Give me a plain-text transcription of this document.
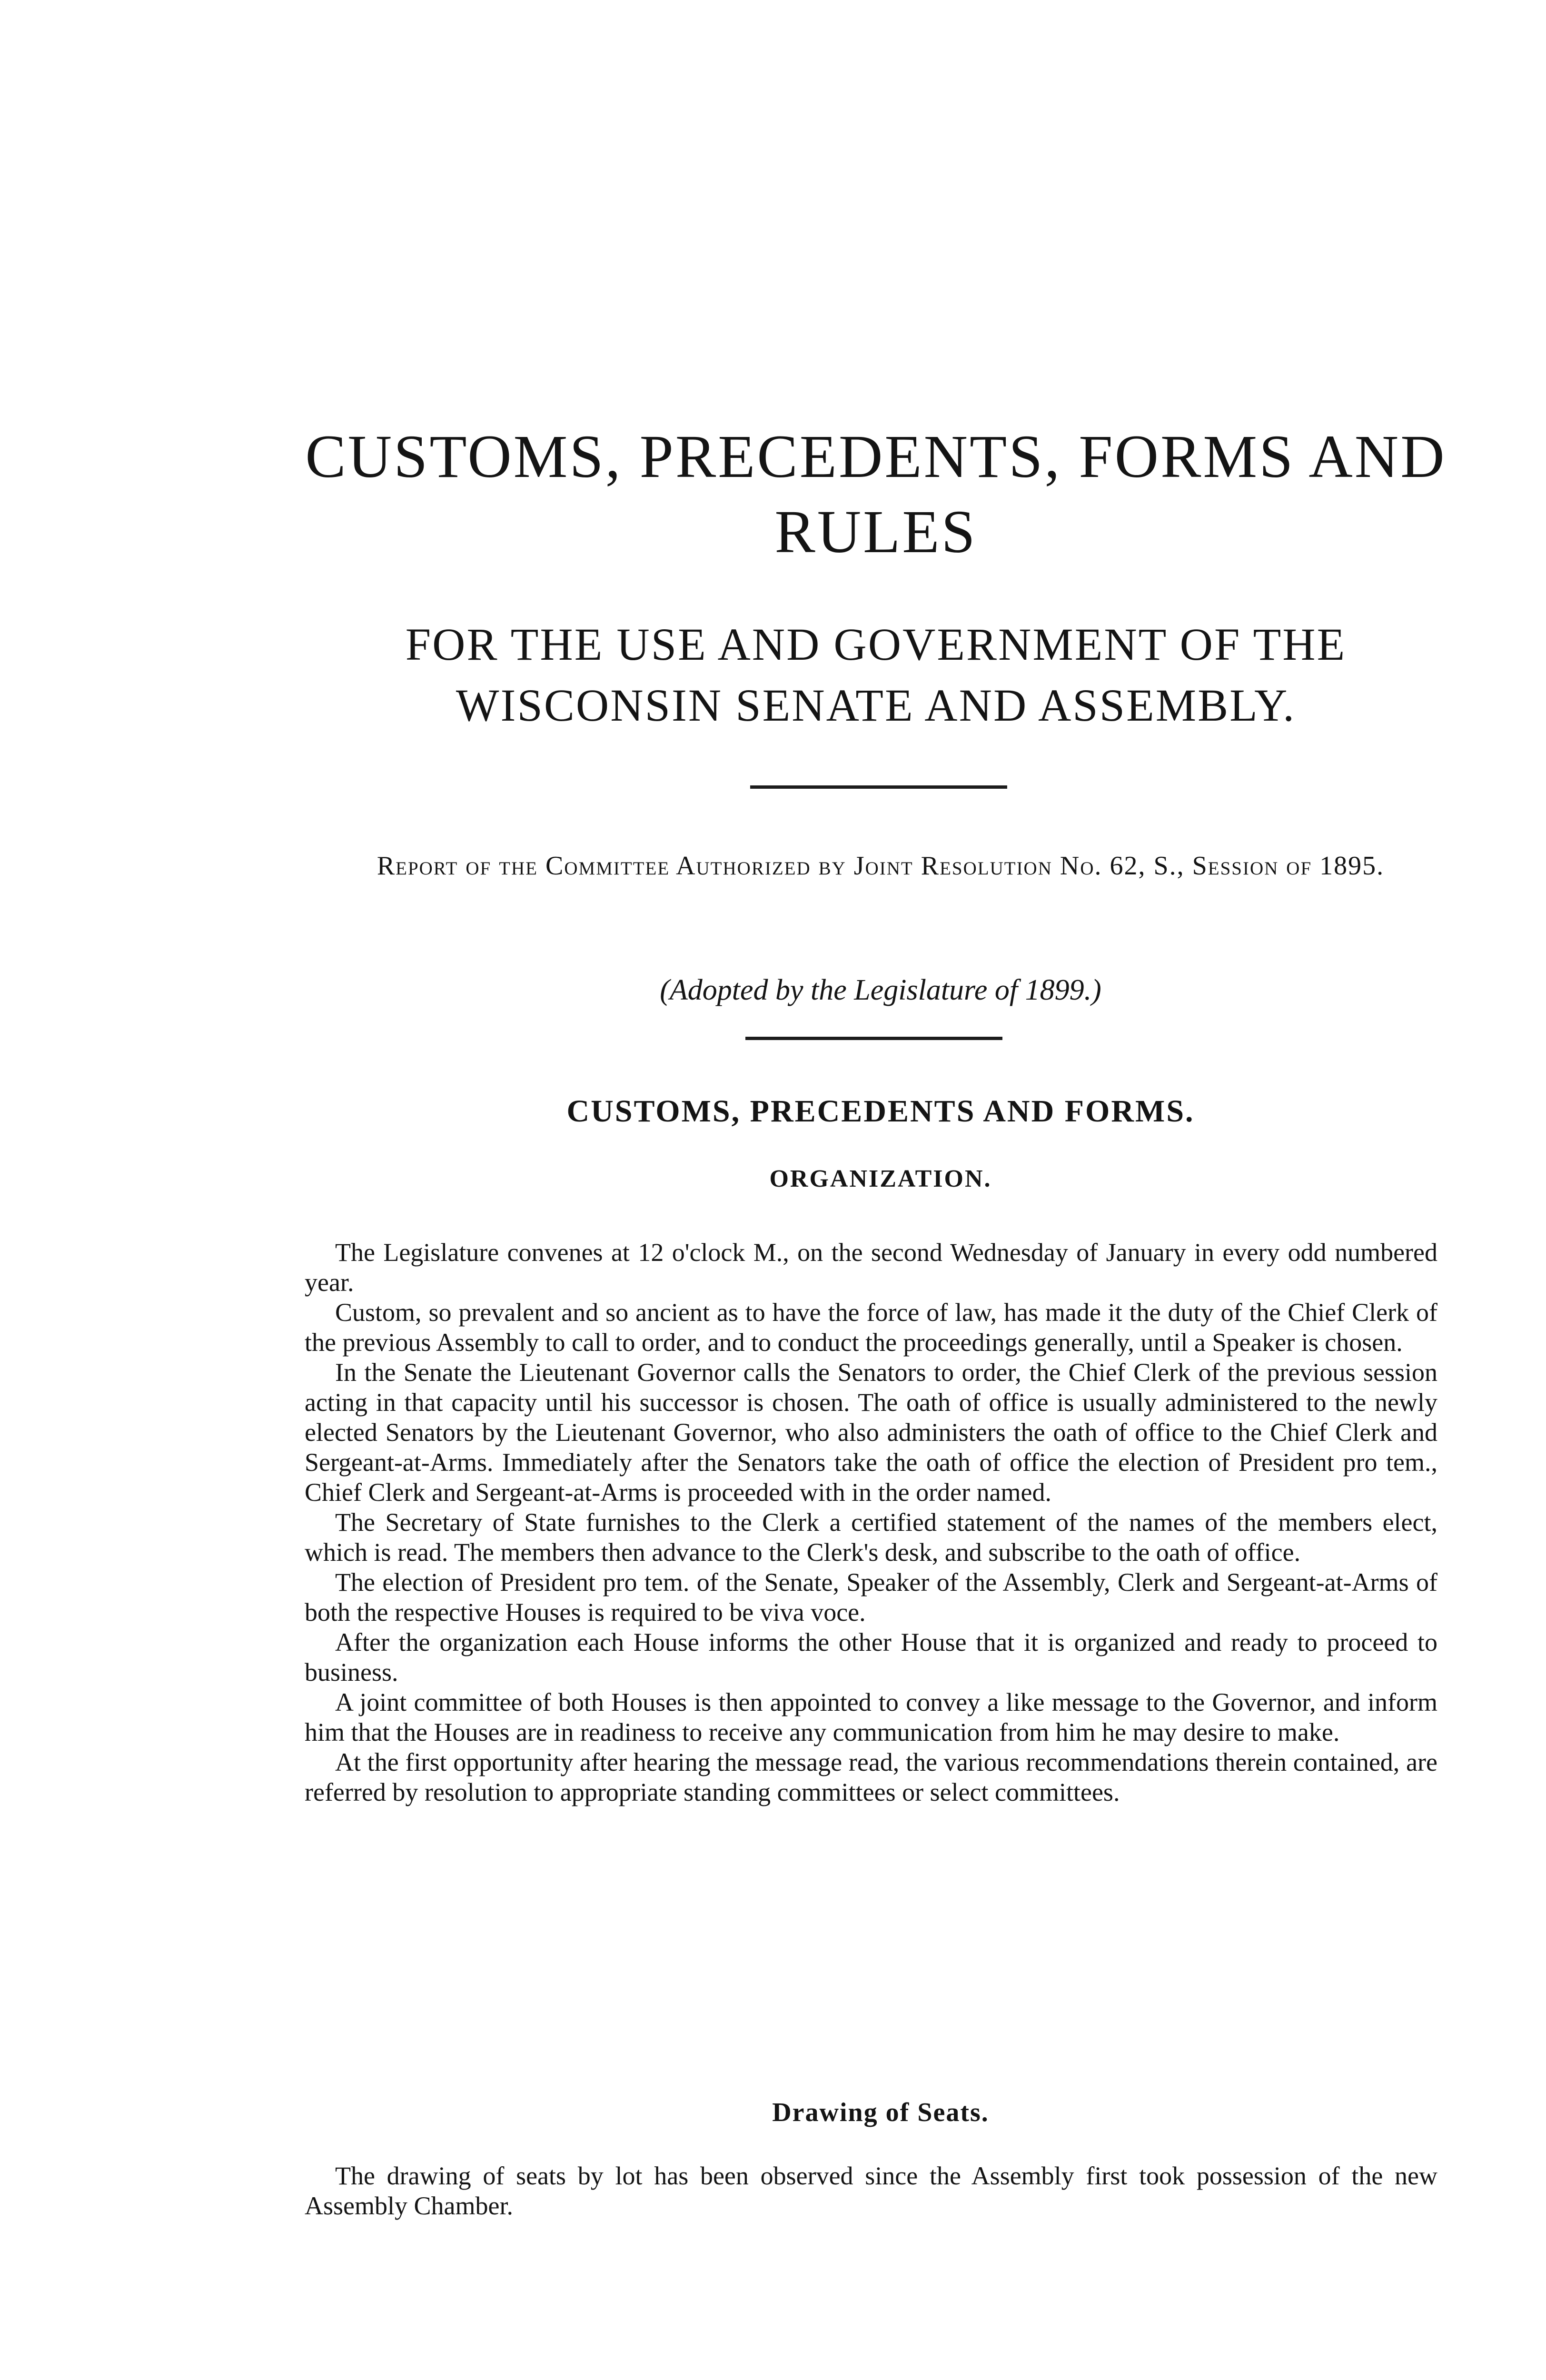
CUSTOMS, PRECEDENTS, FORMS AND RULES
FOR THE USE AND GOVERNMENT OF THE WISCONSIN SENATE AND ASSEMBLY.

Report of the Committee Authorized by Joint Resolution No. 62, S., Session of 1895.

(Adopted by the Legislature of 1899.)

CUSTOMS, PRECEDENTS AND FORMS.
ORGANIZATION.

The Legislature convenes at 12 o'clock M., on the second Wednesday of January in every odd numbered year.

Custom, so prevalent and so ancient as to have the force of law, has made it the duty of the Chief Clerk of the previous Assembly to call to order, and to conduct the proceedings generally, until a Speaker is chosen.

In the Senate the Lieutenant Governor calls the Senators to order, the Chief Clerk of the previous session acting in that capacity until his successor is chosen. The oath of office is usually administered to the newly elected Senators by the Lieutenant Governor, who also administers the oath of office to the Chief Clerk and Sergeant-at-Arms. Immediately after the Senators take the oath of office the election of President pro tem., Chief Clerk and Sergeant-at-Arms is proceeded with in the order named.

The Secretary of State furnishes to the Clerk a certified statement of the names of the members elect, which is read. The members then advance to the Clerk's desk, and subscribe to the oath of office.

The election of President pro tem. of the Senate, Speaker of the Assembly, Clerk and Sergeant-at-Arms of both the respective Houses is required to be viva voce.

After the organization each House informs the other House that it is organized and ready to proceed to business.

A joint committee of both Houses is then appointed to convey a like message to the Governor, and inform him that the Houses are in readiness to receive any communication from him he may desire to make.

At the first opportunity after hearing the message read, the various recommendations therein contained, are referred by resolution to appropriate standing committees or select committees.

Drawing of Seats.

The drawing of seats by lot has been observed since the Assembly first took possession of the new Assembly Chamber.
